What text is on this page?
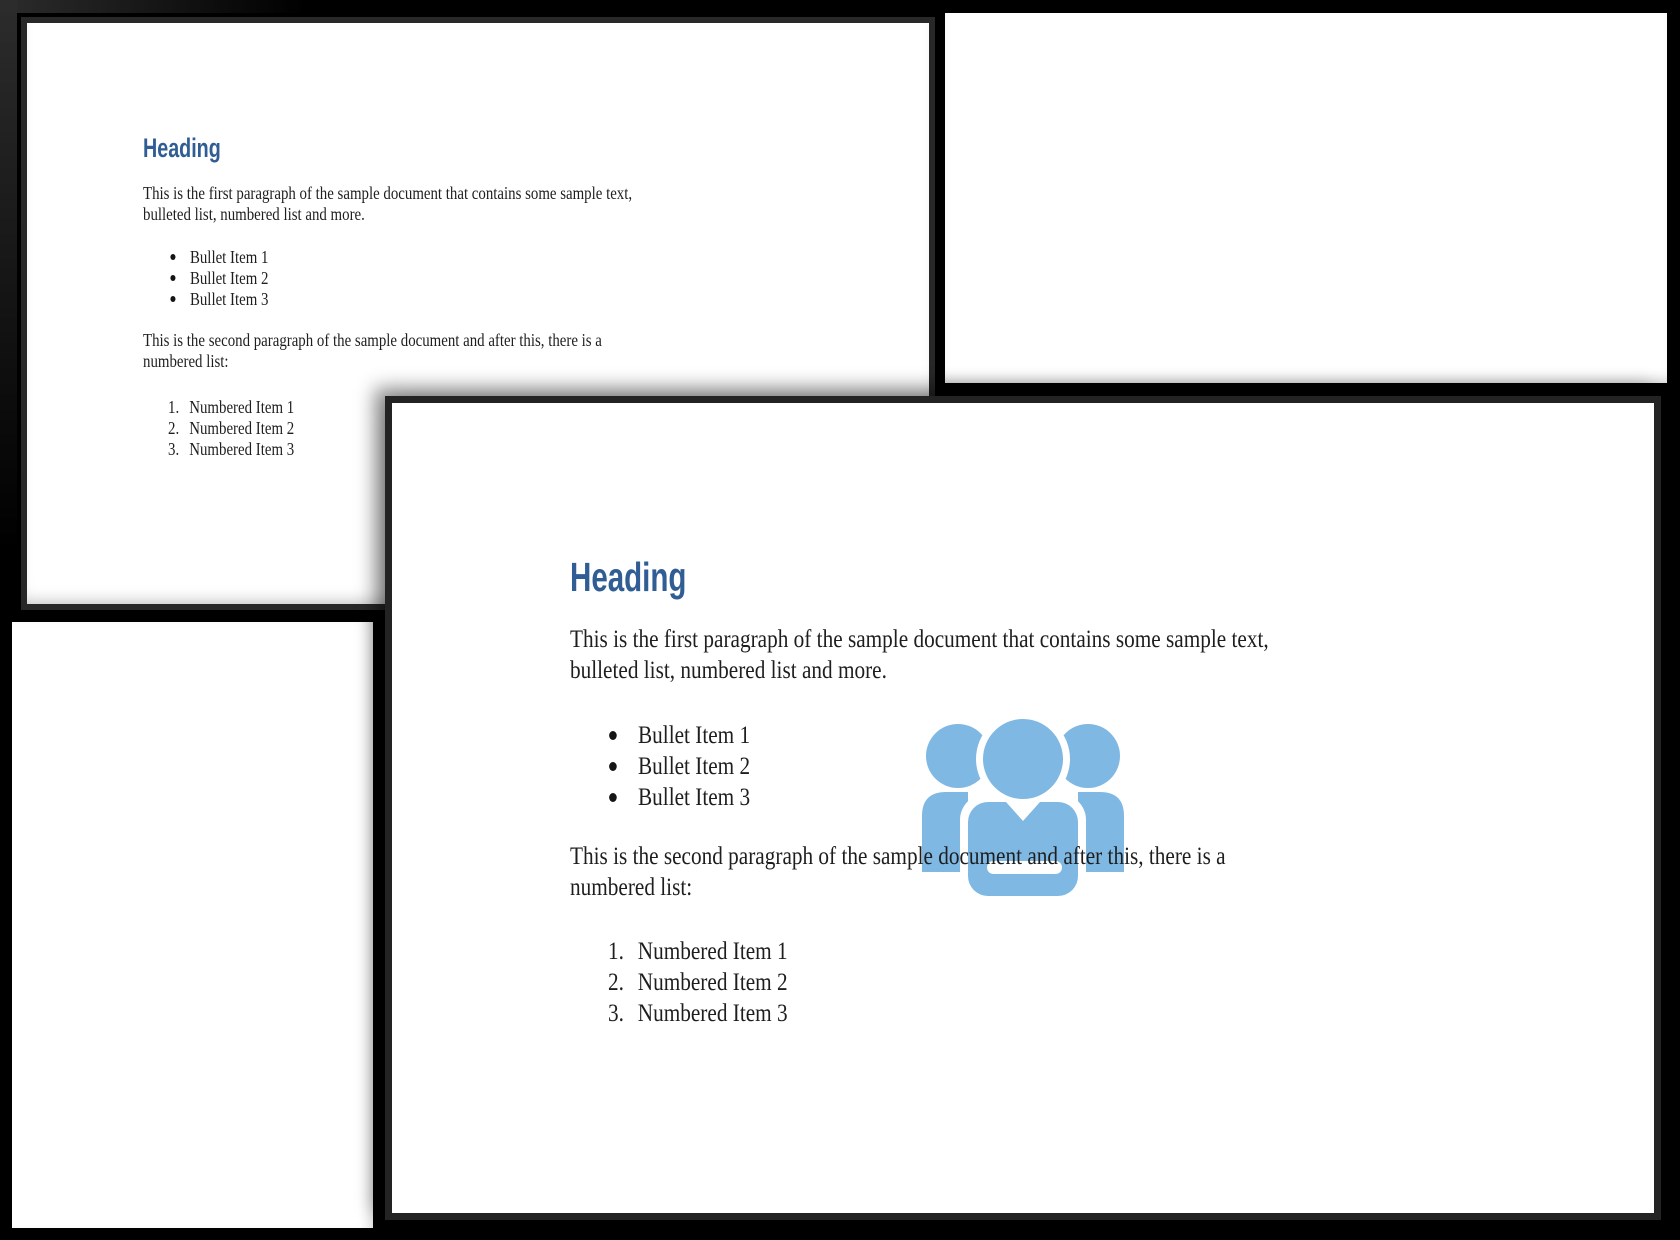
Heading
This is the first paragraph of the sample document that contains some sample text,
bulleted list, numbered list and more.
Bullet Item 1
Bullet Item 2
Bullet Item 3
This is the second paragraph of the sample document and after this, there is a
numbered list:
1. Numbered Item 1
2. Numbered Item 2
3. Numbered Item 3
Heading
This is the first paragraph of the sample document that contains some sample text,
bulleted list, numbered list and more.
Bullet Item 1
Bullet Item 2
Bullet Item 3
This is the second paragraph of the sample document and after this, there is a
numbered list:
1. Numbered Item 1
2. Numbered Item 2
3. Numbered Item 3
